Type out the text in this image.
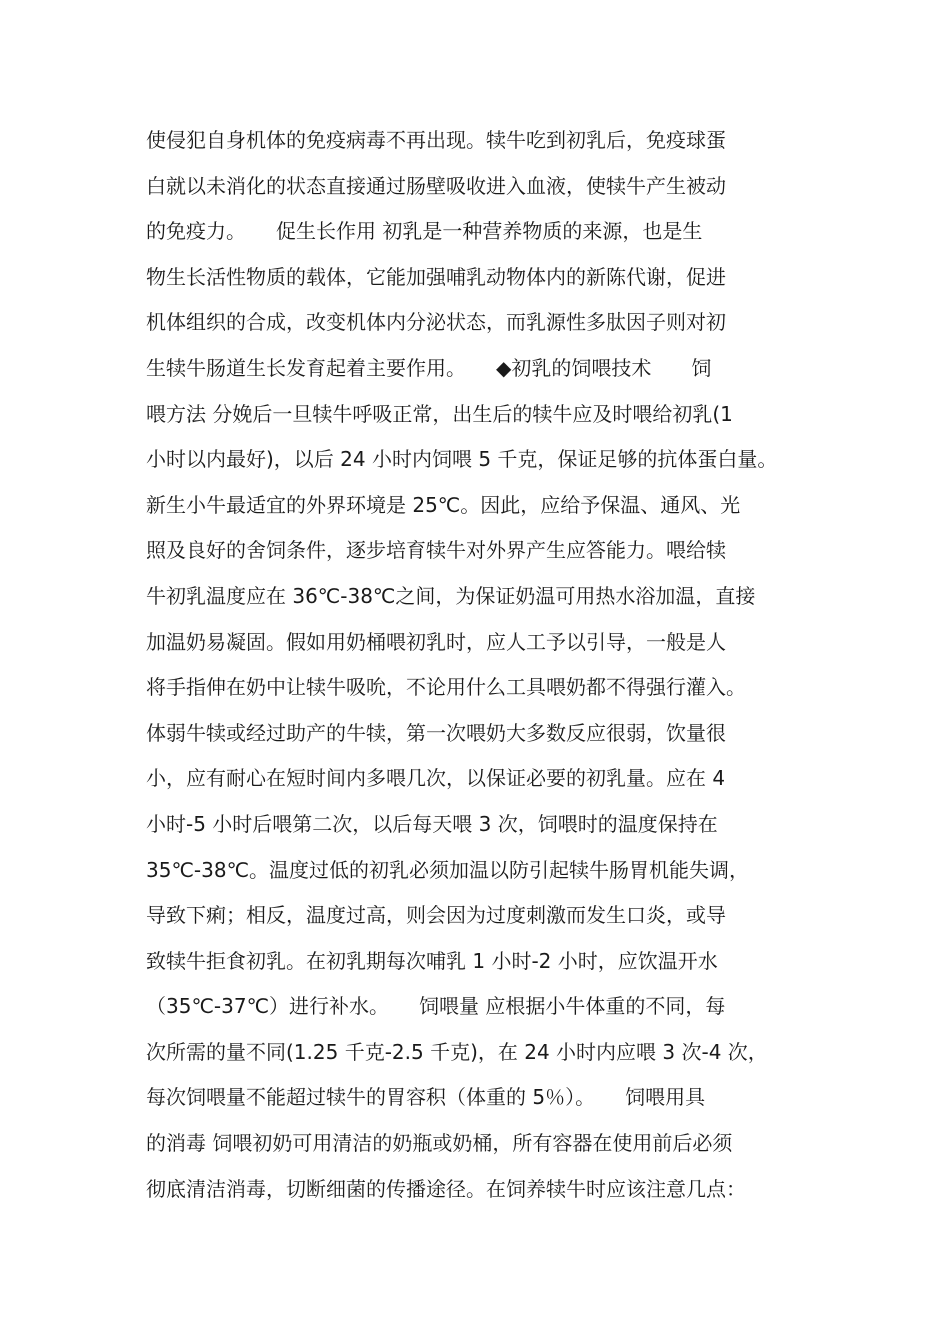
使侵犯自身机体的免疫病毒不再出现。犊牛吃到初乳后，免疫球蛋
白就以未消化的状态直接通过肠壁吸收进入血液，使犊牛产生被动
的免疫力。　　促生长作用 初乳是一种营养物质的来源，也是生
物生长活性物质的载体，它能加强哺乳动物体内的新陈代谢，促进
机体组织的合成，改变机体内分泌状态，而乳源性多肽因子则对初
生犊牛肠道生长发育起着主要作用。　　◆初乳的饲喂技术　　饲
喂方法 分娩后一旦犊牛呼吸正常，出生后的犊牛应及时喂给初乳(1
小时以内最好)，以后 24 小时内饲喂 5 千克，保证足够的抗体蛋白量。
新生小牛最适宜的外界环境是 25℃。因此，应给予保温、通风、光
照及良好的舍饲条件，逐步培育犊牛对外界产生应答能力。喂给犊
牛初乳温度应在 36℃-38℃之间，为保证奶温可用热水浴加温，直接
加温奶易凝固。假如用奶桶喂初乳时，应人工予以引导，一般是人
将手指伸在奶中让犊牛吸吮，不论用什么工具喂奶都不得强行灌入。
体弱牛犊或经过助产的牛犊，第一次喂奶大多数反应很弱，饮量很
小，应有耐心在短时间内多喂几次，以保证必要的初乳量。应在 4
小时-5 小时后喂第二次，以后每天喂 3 次，饲喂时的温度保持在
35℃-38℃。温度过低的初乳必须加温以防引起犊牛肠胃机能失调，
导致下痢；相反，温度过高，则会因为过度刺激而发生口炎，或导
致犊牛拒食初乳。在初乳期每次哺乳 1 小时-2 小时，应饮温开水
（35℃-37℃）进行补水。　　饲喂量 应根据小牛体重的不同，每
次所需的量不同(1.25 千克-2.5 千克)，在 24 小时内应喂 3 次-4 次，
每次饲喂量不能超过犊牛的胃容积（体重的 5％）。　　饲喂用具
的消毒 饲喂初奶可用清洁的奶瓶或奶桶，所有容器在使用前后必须
彻底清洁消毒，切断细菌的传播途径。在饲养犊牛时应该注意几点：
